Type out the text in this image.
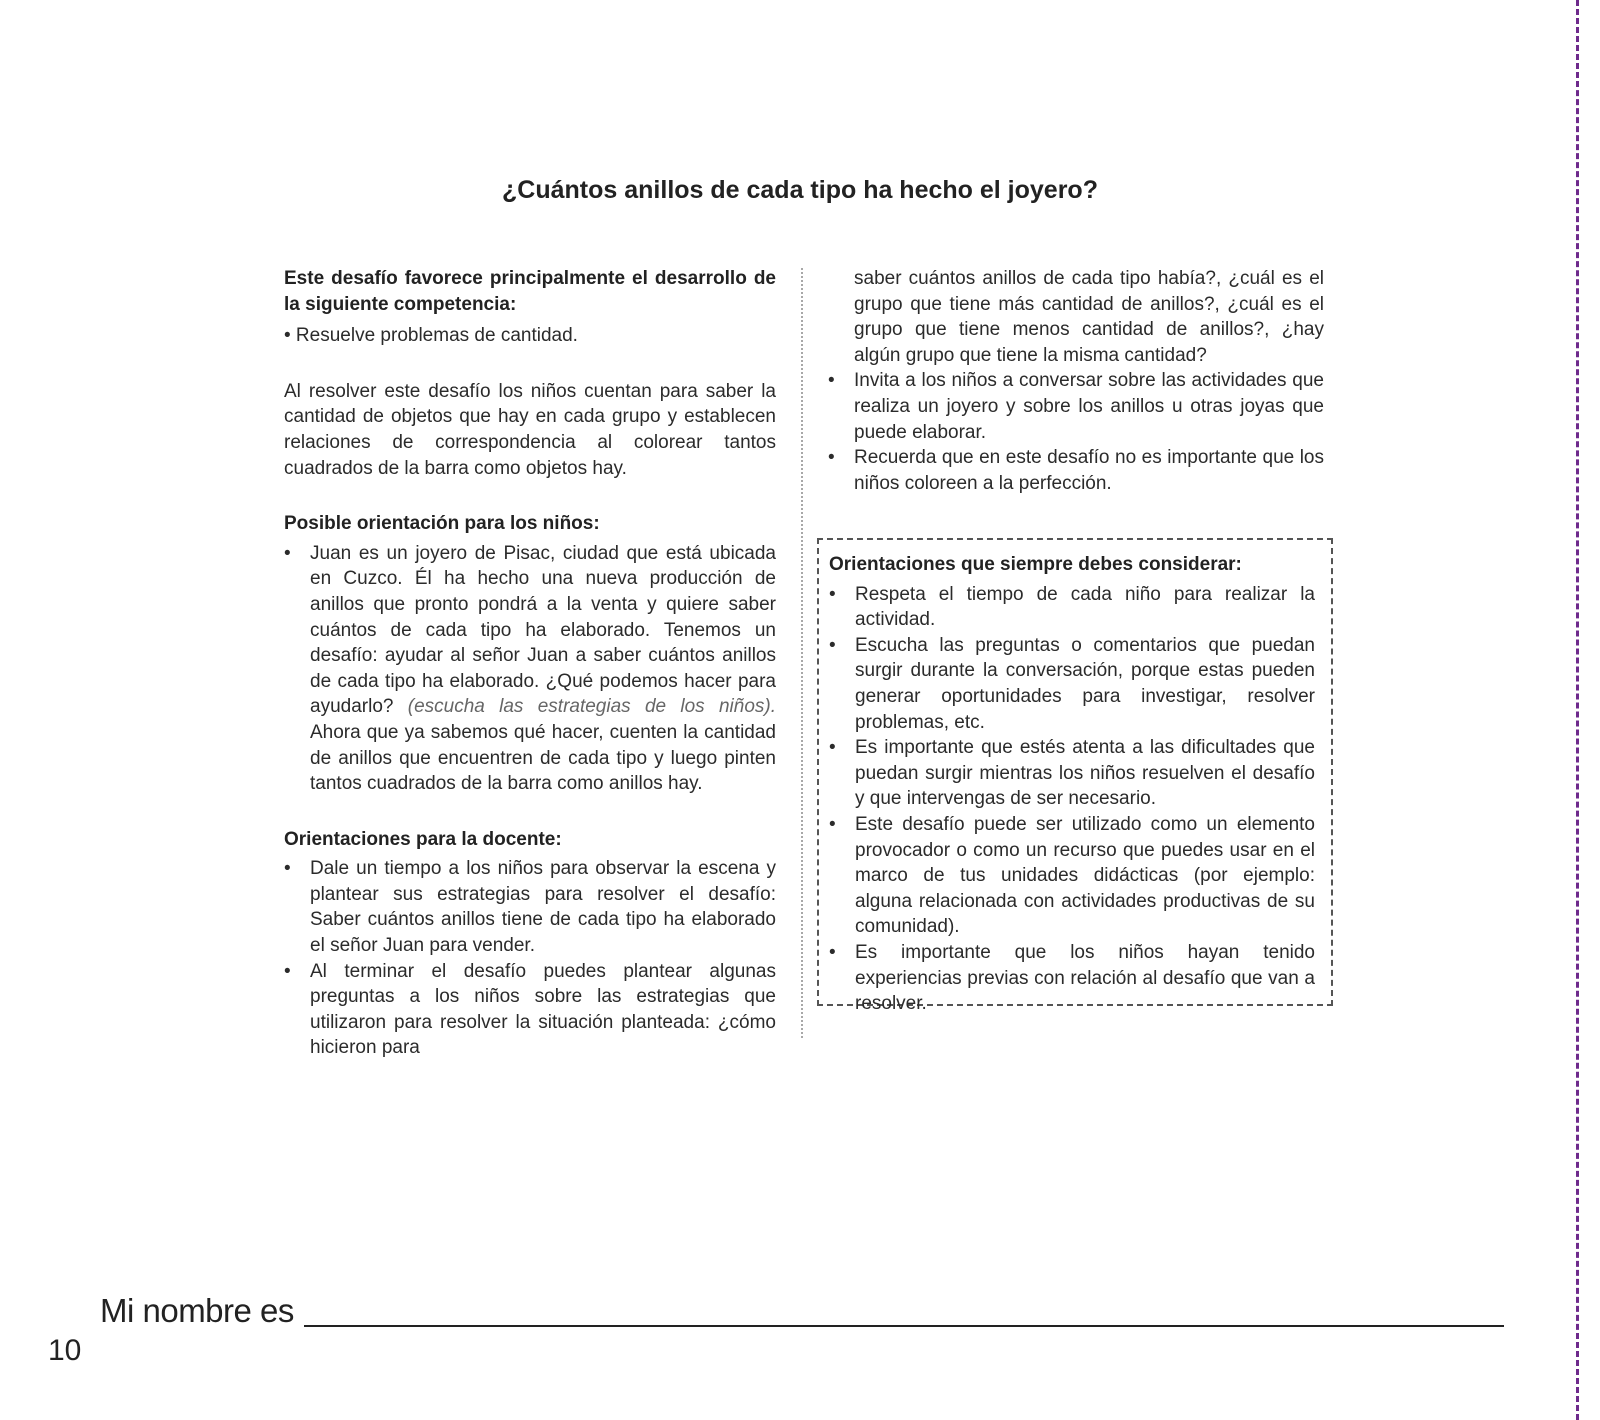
¿Cuántos anillos de cada tipo ha hecho el joyero?

Este desafío favorece principalmente el desarrollo de la siguiente competencia:

• Resuelve problemas de cantidad.

Al resolver este desafío los niños cuentan para saber la cantidad de objetos que hay en cada grupo y establecen relaciones de correspondencia al colorear tantos cuadrados de la barra como objetos hay.

Posible orientación para los niños:

•	Juan es un joyero de Pisac, ciudad que está ubicada en Cuzco. Él ha hecho una nueva producción de anillos que pronto pondrá a la venta y quiere saber cuántos de cada tipo ha elaborado. Tenemos un desafío: ayudar al señor Juan a saber cuántos anillos de cada tipo ha elaborado. ¿Qué podemos hacer para ayudarlo? (escucha las estrategias de los niños). Ahora que ya sabemos qué hacer, cuenten la cantidad de anillos que encuentren de cada tipo y luego pinten tantos cuadrados de la barra como anillos hay.

Orientaciones para la docente:

•	Dale un tiempo a los niños para observar la escena y plantear sus estrategias para resolver el desafío: Saber cuántos anillos tiene de cada tipo ha elaborado el señor Juan para vender.
•	Al terminar el desafío puedes plantear algunas preguntas a los niños sobre las estrategias que utilizaron para resolver la situación planteada: ¿cómo hicieron para

saber cuántos anillos de cada tipo había?, ¿cuál es el grupo que tiene más cantidad de anillos?, ¿cuál es el grupo que tiene menos cantidad de anillos?, ¿hay algún grupo que tiene la misma cantidad?

•	Invita a los niños a conversar sobre las actividades que realiza un joyero y sobre los anillos u otras joyas que puede elaborar.
•	Recuerda que en este desafío no es importante que los niños coloreen a la perfección.

Orientaciones que siempre debes considerar:

•	Respeta el tiempo de cada niño para realizar la actividad.
•	Escucha las preguntas o comentarios que puedan surgir durante la conversación, porque estas pueden generar oportunidades para investigar, resolver problemas, etc.
•	Es importante que estés atenta a las dificultades que puedan surgir mientras los niños resuelven el desafío y que intervengas de ser necesario.
•	Este desafío puede ser utilizado como un elemento provocador o como un recurso que puedes usar en el marco de tus unidades didácticas (por ejemplo: alguna relacionada con actividades productivas de su comunidad).
•	Es importante que los niños hayan tenido experiencias previas con relación al desafío que van a resolver.
Mi nombre es
10
